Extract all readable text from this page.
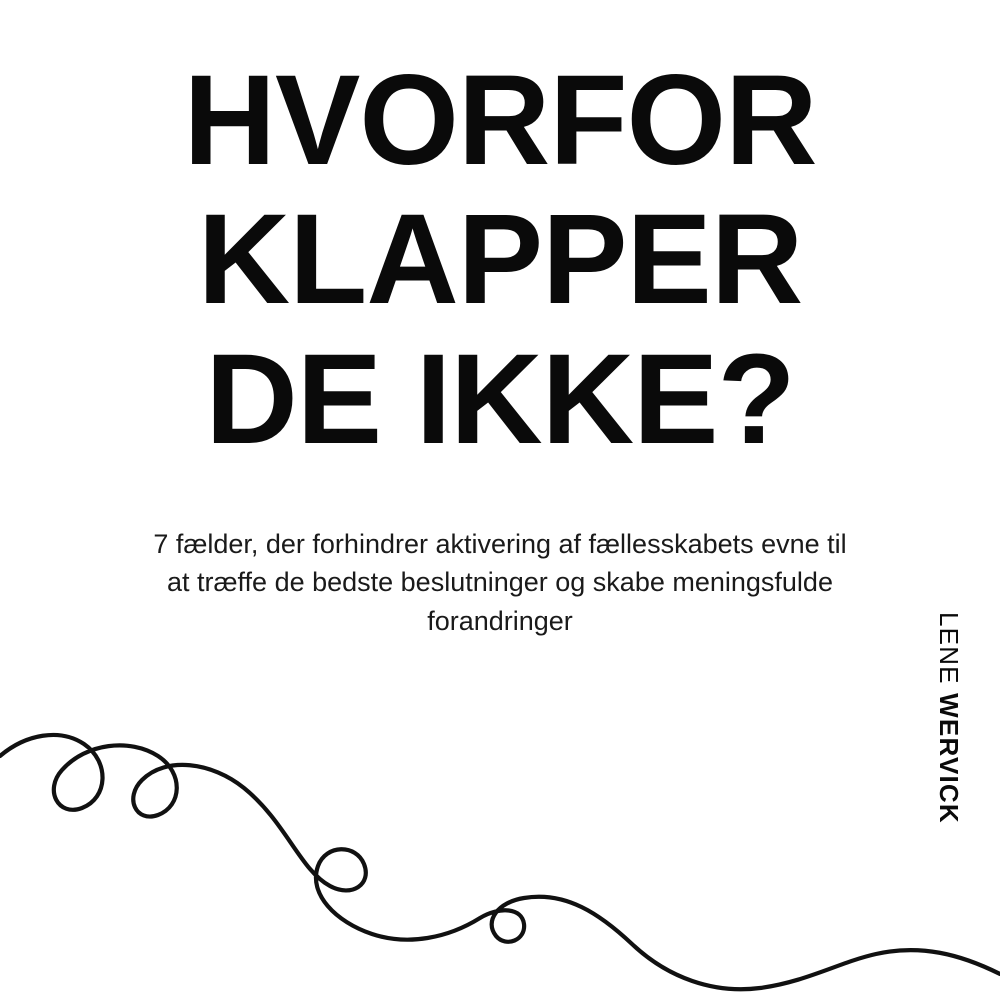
HVORFOR
KLAPPER
DE IKKE?
7 fælder, der forhindrer aktivering af fællesskabets evne til at træffe de bedste beslutninger og skabe meningsfulde forandringer	LENE WERVICK
